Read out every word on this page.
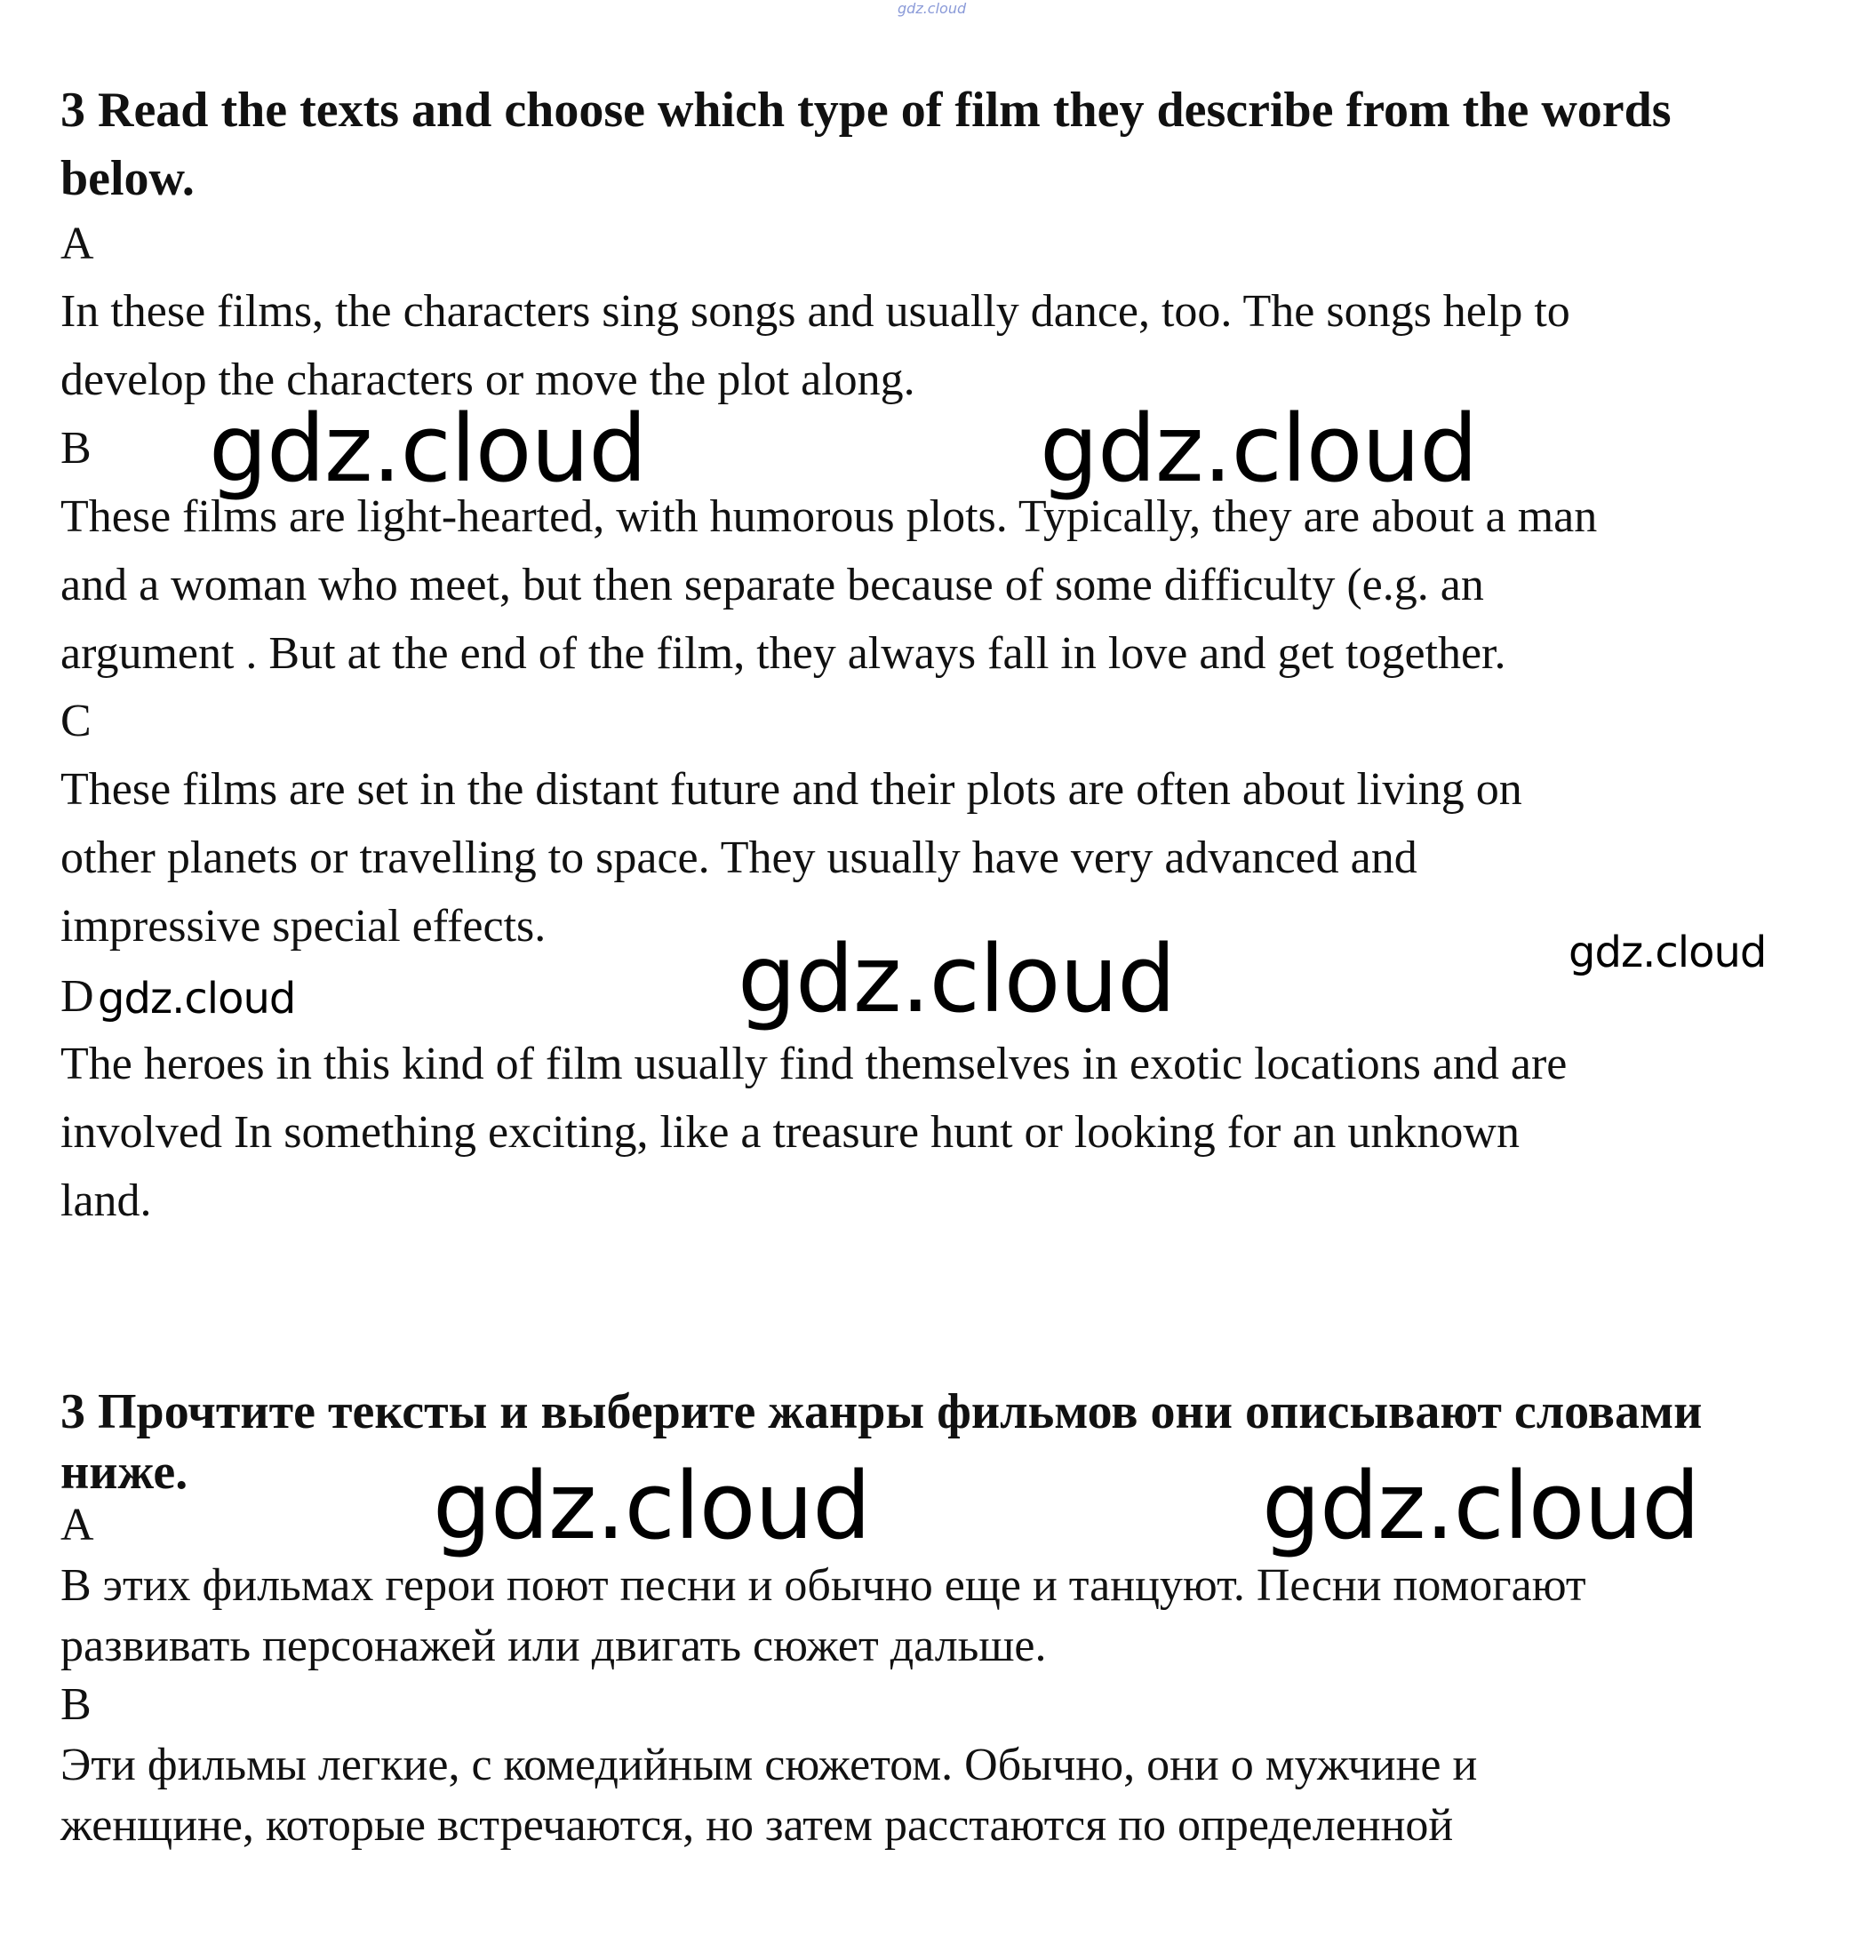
gdz.cloud
3 Read the texts and choose which type of film they describe from the words
below.
A
In these films, the characters sing songs and usually dance, too. The songs help to
develop the characters or move the plot along.
B
These films are light-hearted, with humorous plots. Typically, they are about a man
and a woman who meet, but then separate because of some difficulty (e.g. an
argument . But at the end of the film, they always fall in love and get together.
C
These films are set in the distant future and their plots are often about living on
other planets or travelling to space. They usually have very advanced and
impressive special effects.
D
The heroes in this kind of film usually find themselves in exotic locations and are
involved In something exciting, like a treasure hunt or looking for an unknown
land.
3 Прочтите тексты и выберите жанры фильмов они описывают словами
ниже.
A
В этих фильмах герои поют песни и обычно еще и танцуют. Песни помогают
развивать персонажей или двигать сюжет дальше.
B
Эти фильмы легкие, с комедийным сюжетом. Обычно, они о мужчине и
женщине, которые встречаются, но затем расстаются по определенной
gdz.cloud	gdz.cloud
gdz.cloud	gdz.cloud
gdz.cloud
gdz.cloud	gdz.cloud
